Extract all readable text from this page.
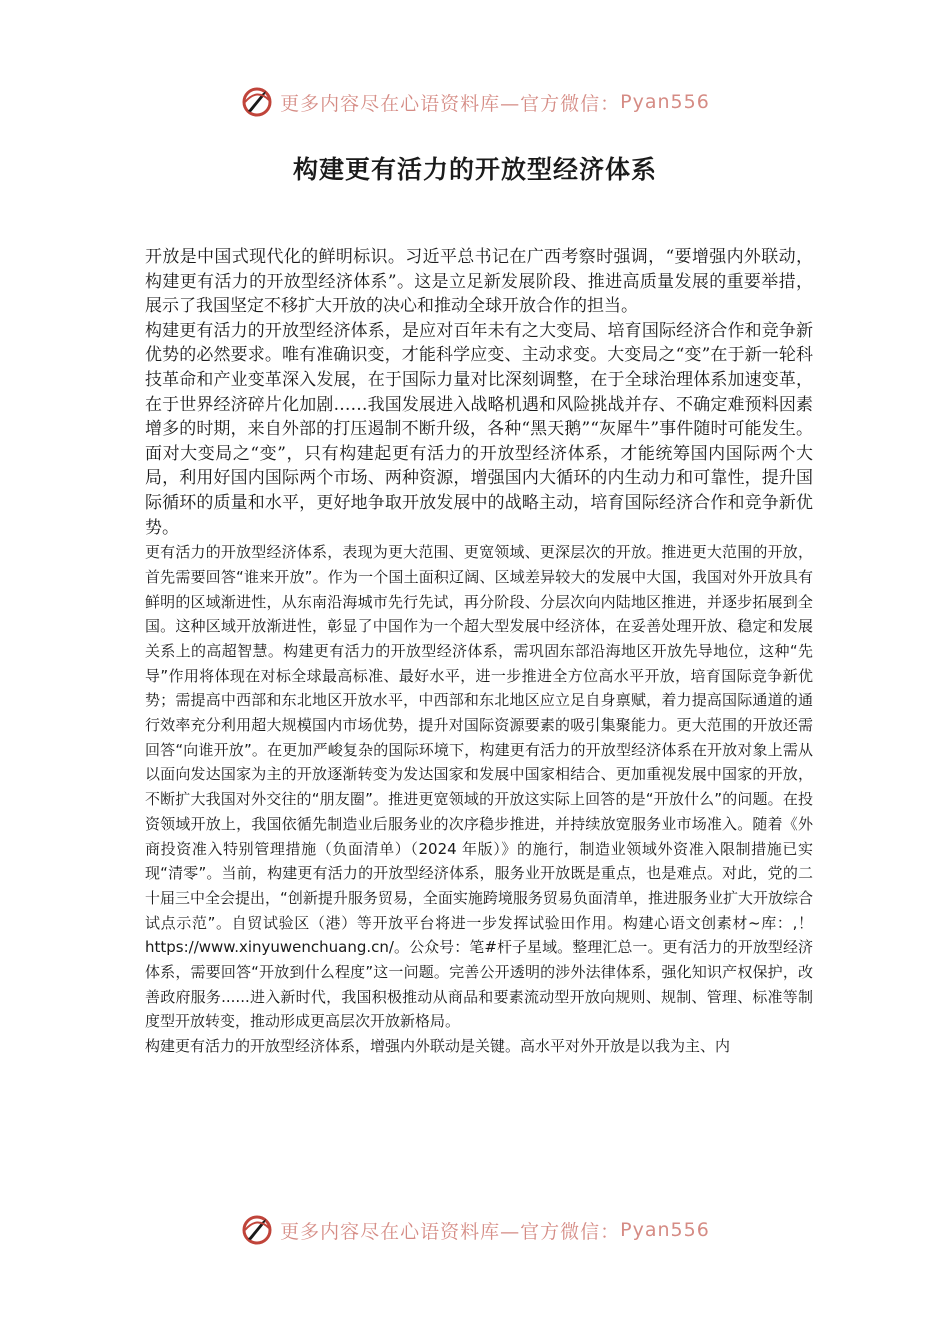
更多内容尽在心语资料库—官方微信： Pyan556
构建更有活力的开放型经济体系

开放是中国式现代化的鲜明标识。习近平总书记在广西考察时强调，“要增强内外联动，构建更有活力的开放型经济体系”。这是立足新发展阶段、推进高质量发展的重要举措，展示了我国坚定不移扩大开放的决心和推动全球开放合作的担当。

构建更有活力的开放型经济体系，是应对百年未有之大变局、培育国际经济合作和竞争新优势的必然要求。唯有准确识变，才能科学应变、主动求变。大变局之“变”在于新一轮科技革命和产业变革深入发展，在于国际力量对比深刻调整，在于全球治理体系加速变革，在于世界经济碎片化加剧……我国发展进入战略机遇和风险挑战并存、不确定难预料因素增多的时期，来自外部的打压遏制不断升级，各种“黑天鹅”“灰犀牛”事件随时可能发生。面对大变局之“变”，只有构建起更有活力的开放型经济体系，才能统筹国内国际两个大局，利用好国内国际两个市场、两种资源，增强国内大循环的内生动力和可靠性，提升国际循环的质量和水平，更好地争取开放发展中的战略主动，培育国际经济合作和竞争新优势。

更有活力的开放型经济体系，表现为更大范围、更宽领域、更深层次的开放。推进更大范围的开放，首先需要回答“谁来开放”。作为一个国土面积辽阔、区域差异较大的发展中大国，我国对外开放具有鲜明的区域渐进性，从东南沿海城市先行先试，再分阶段、分层次向内陆地区推进，并逐步拓展到全国。这种区域开放渐进性，彰显了中国作为一个超大型发展中经济体，在妥善处理开放、稳定和发展关系上的高超智慧。构建更有活力的开放型经济体系，需巩固东部沿海地区开放先导地位，这种“先导”作用将体现在对标全球最高标准、最好水平，进一步推进全方位高水平开放，培育国际竞争新优势；需提高中西部和东北地区开放水平，中西部和东北地区应立足自身禀赋，着力提高国际通道的通行效率充分利用超大规模国内市场优势，提升对国际资源要素的吸引集聚能力。更大范围的开放还需回答“向谁开放”。在更加严峻复杂的国际环境下，构建更有活力的开放型经济体系在开放对象上需从以面向发达国家为主的开放逐渐转变为发达国家和发展中国家相结合、更加重视发展中国家的开放，不断扩大我国对外交往的“朋友圈”。推进更宽领域的开放这实际上回答的是“开放什么”的问题。在投资领域开放上，我国依循先制造业后服务业的次序稳步推进，并持续放宽服务业市场准入。随着《外商投资准入特别管理措施（负面清单）（2024 年版）》的施行，制造业领域外资准入限制措施已实现“清零”。当前，构建更有活力的开放型经济体系，服务业开放既是重点，也是难点。对此，党的二十届三中全会提出，“创新提升服务贸易，全面实施跨境服务贸易负面清单，推进服务业扩大开放综合试点示范”。自贸试验区（港）等开放平台将进一步发挥试验田作用。构建心语文创素材~库：,！https://www.xinyuwenchuang.cn/。公众号：笔#杆子星域。整理汇总一。更有活力的开放型经济体系，需要回答“开放到什么程度”这一问题。完善公开透明的涉外法律体系，强化知识产权保护，改善政府服务......进入新时代，我国积极推动从商品和要素流动型开放向规则、规制、管理、标准等制度型开放转变，推动形成更高层次开放新格局。

构建更有活力的开放型经济体系，增强内外联动是关键。高水平对外开放是以我为主、内

更多内容尽在心语资料库—官方微信： Pyan556
